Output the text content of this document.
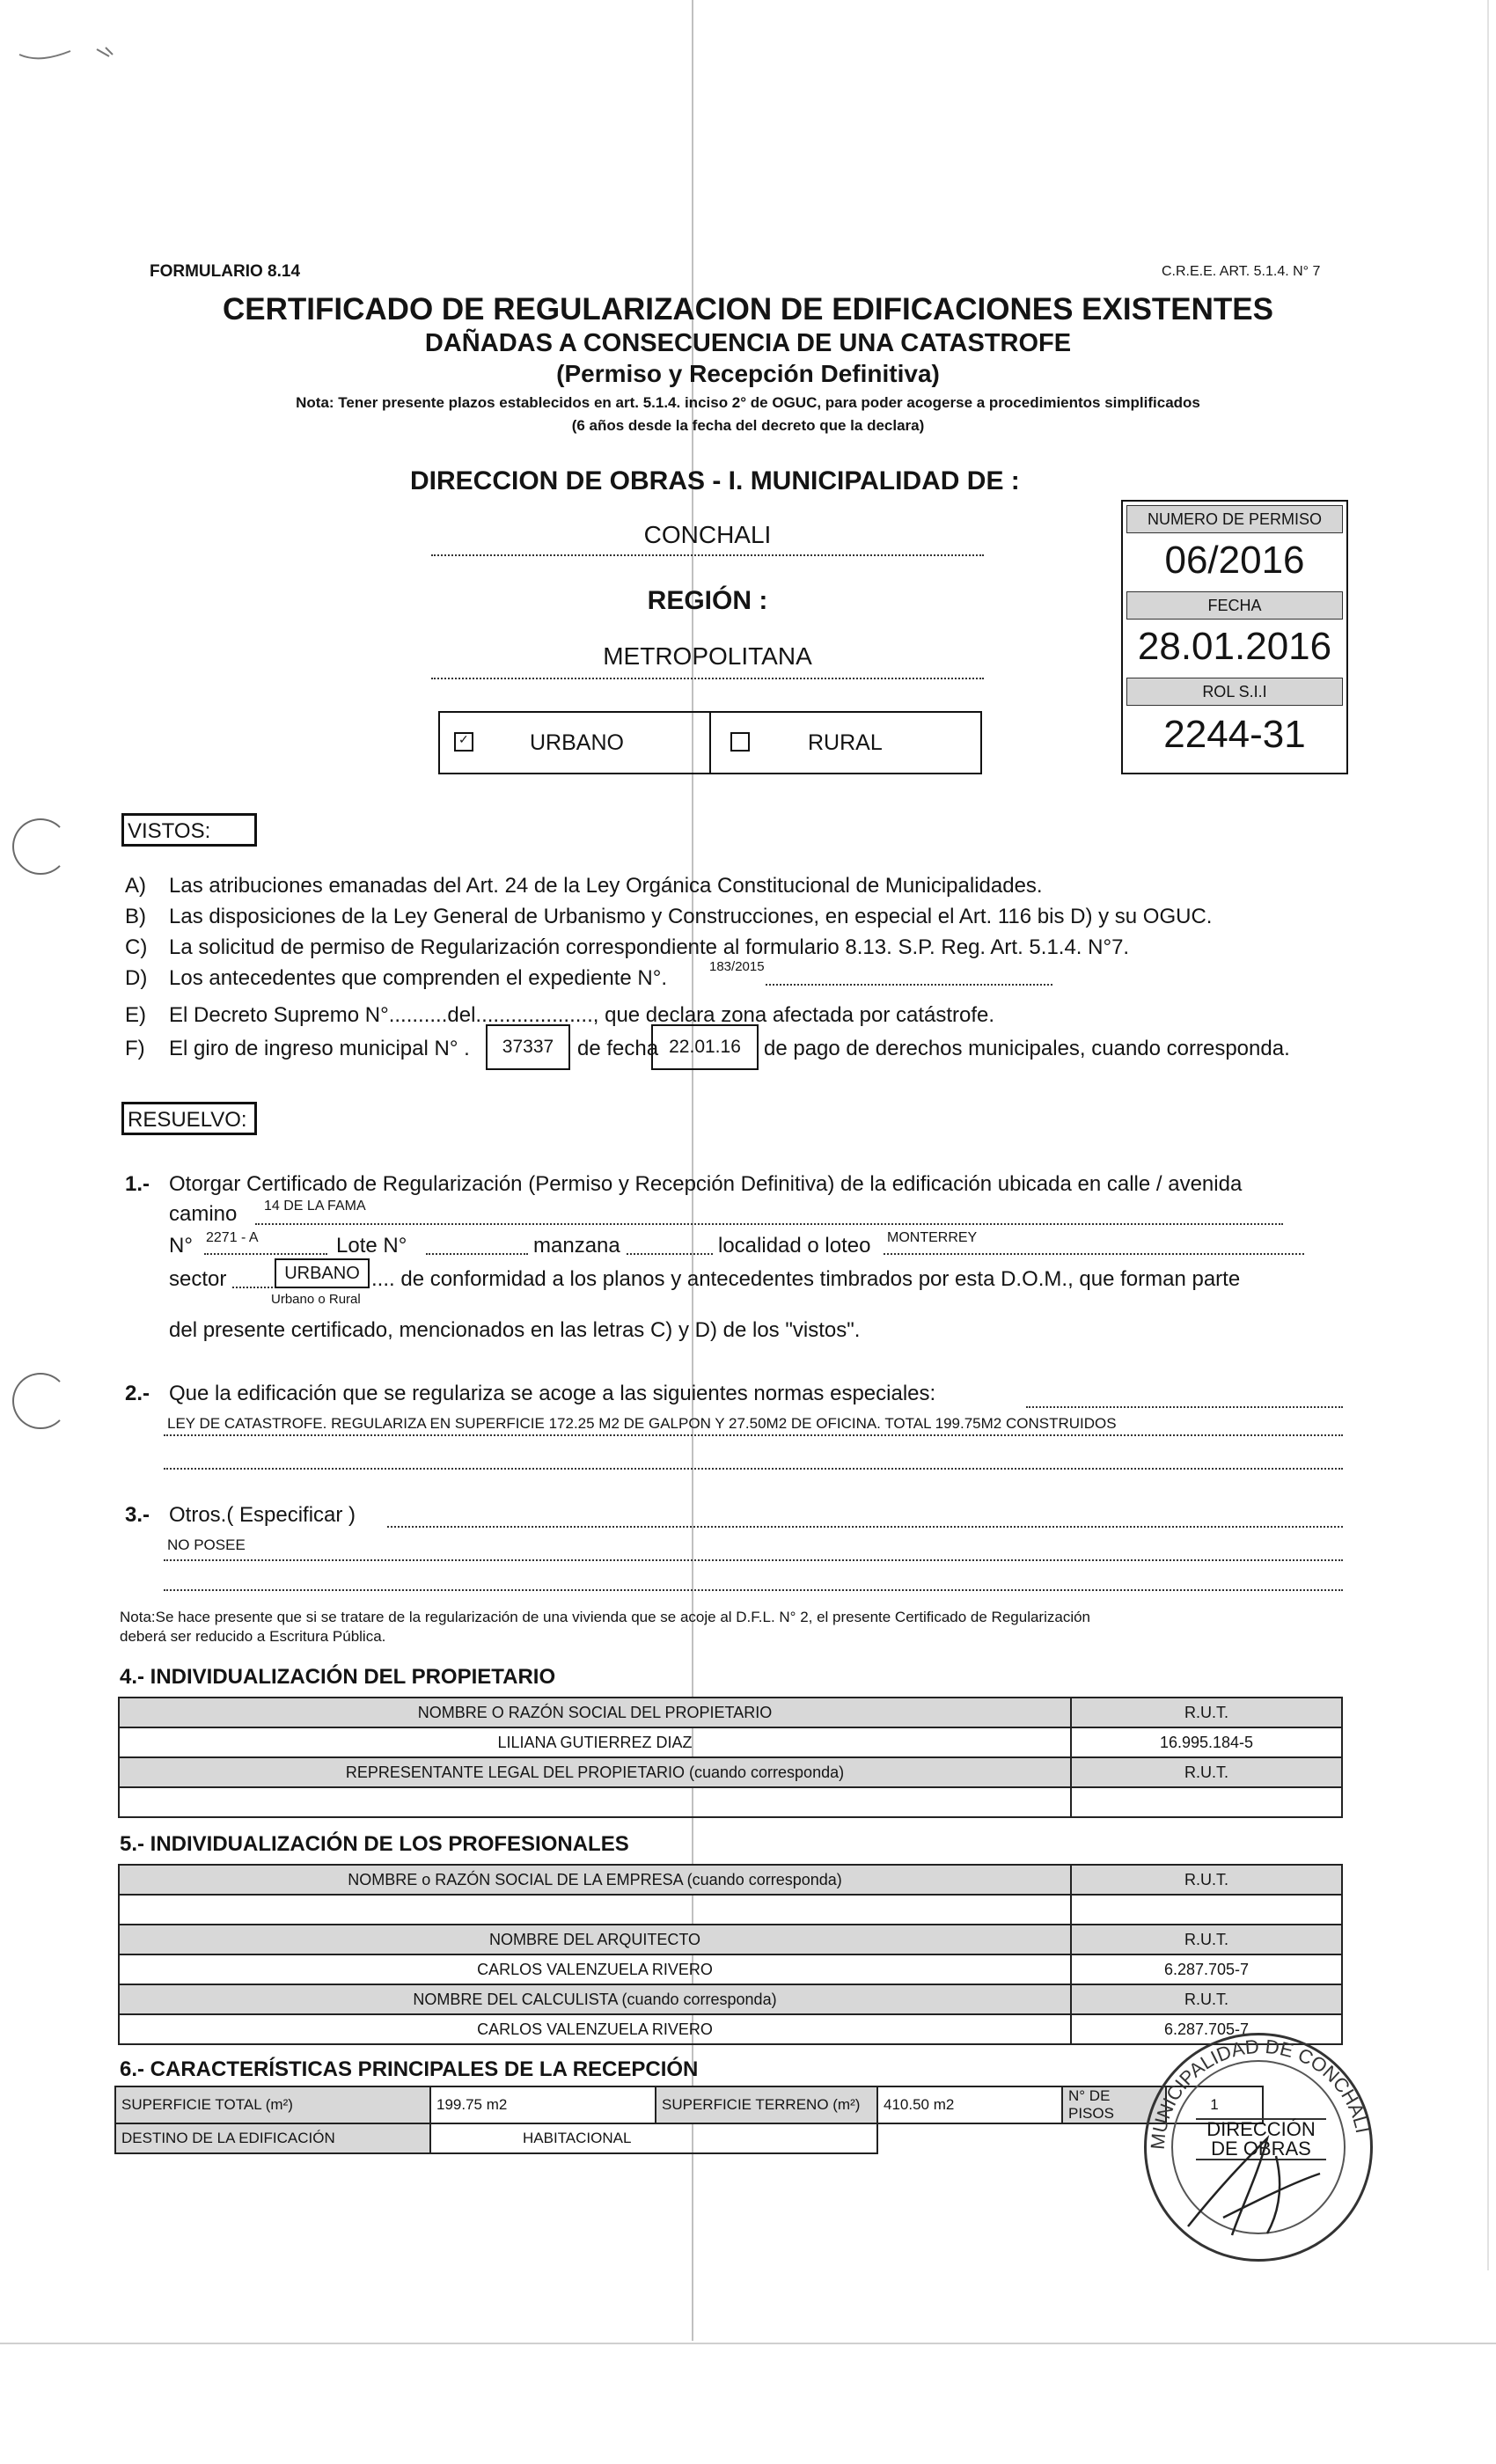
FORMULARIO 8.14	C.R.E.E. ART. 5.1.4. N° 7
CERTIFICADO DE REGULARIZACION DE EDIFICACIONES EXISTENTES
DAÑADAS A CONSECUENCIA DE UNA CATASTROFE
(Permiso y Recepción Definitiva)
Nota: Tener presente plazos establecidos en art. 5.1.4. inciso 2° de OGUC, para poder acogerse a procedimientos simplificados
(6 años desde la fecha del decreto que la declara)
DIRECCION DE OBRAS - I. MUNICIPALIDAD DE :
CONCHALI
REGIÓN :
METROPOLITANA
✓	URBANO	RURAL
NUMERO DE PERMISO
06/2016
FECHA
28.01.2016
ROL S.I.I
2244-31
VISTOS:
A) Las atribuciones emanadas del Art. 24 de la Ley Orgánica Constitucional de Municipalidades.
B) Las disposiciones de la Ley General de Urbanismo y Construcciones, en especial el Art. 116 bis D) y su OGUC.
C) La solicitud de permiso de Regularización correspondiente al formulario 8.13. S.P. Reg. Art. 5.1.4. N°7.
D) Los antecedentes que comprenden el expediente N°.	183/2015
E) El Decreto Supremo N°..........del...................., que declara zona afectada por catástrofe.
F) El giro de ingreso municipal N° .	37337	de fecha 22.01.16	de pago de derechos municipales, cuando corresponda.
RESUELVO:
1.- Otorgar Certificado de Regularización (Permiso y Recepción Definitiva) de la edificación ubicada en calle / avenida
camino 14 DE LA FAMA
N° 2271 - A	Lote N°	manzana	localidad o loteo MONTERREY
sector	URBANO
Urbano o Rural
.... de conformidad a los planos y antecedentes timbrados por esta D.O.M., que forman parte
del presente certificado, mencionados en las letras C) y D) de los "vistos".
2.- Que la edificación que se regulariza se acoge a las siguientes normas especiales:
LEY DE CATASTROFE. REGULARIZA EN SUPERFICIE 172.25 M2 DE GALPON Y 27.50M2 DE OFICINA. TOTAL 199.75M2 CONSTRUIDOS
3.- Otros.( Especificar )
NO POSEE
Nota:Se hace presente que si se tratare de la regularización de una vivienda que se acoje al D.F.L. N° 2, el presente Certificado de Regularización
deberá ser reducido a Escritura Pública.
4.- INDIVIDUALIZACIÓN DEL PROPIETARIO
NOMBRE O RAZÓN SOCIAL DEL PROPIETARIO	R.U.T.
LILIANA GUTIERREZ DIAZ	16.995.184-5
REPRESENTANTE LEGAL DEL PROPIETARIO (cuando corresponda)	R.U.T.

5.- INDIVIDUALIZACIÓN DE LOS PROFESIONALES
NOMBRE o RAZÓN SOCIAL DE LA EMPRESA (cuando corresponda)	R.U.T.

NOMBRE DEL ARQUITECTO	R.U.T.
CARLOS VALENZUELA RIVERO	6.287.705-7
NOMBRE DEL CALCULISTA (cuando corresponda)	R.U.T.
CARLOS VALENZUELA RIVERO	6.287.705-7
6.- CARACTERÍSTICAS PRINCIPALES DE LA RECEPCIÓN
SUPERFICIE TOTAL (m²)	199.75 m2	SUPERFICIE TERRENO (m²)	410.50 m2	N° DE PISOS	1
DESTINO DE LA EDIFICACIÓN	HABITACIONAL					MUNICIPALIDAD DE CONCHALI
DIRECCIÓN DE OBRAS
